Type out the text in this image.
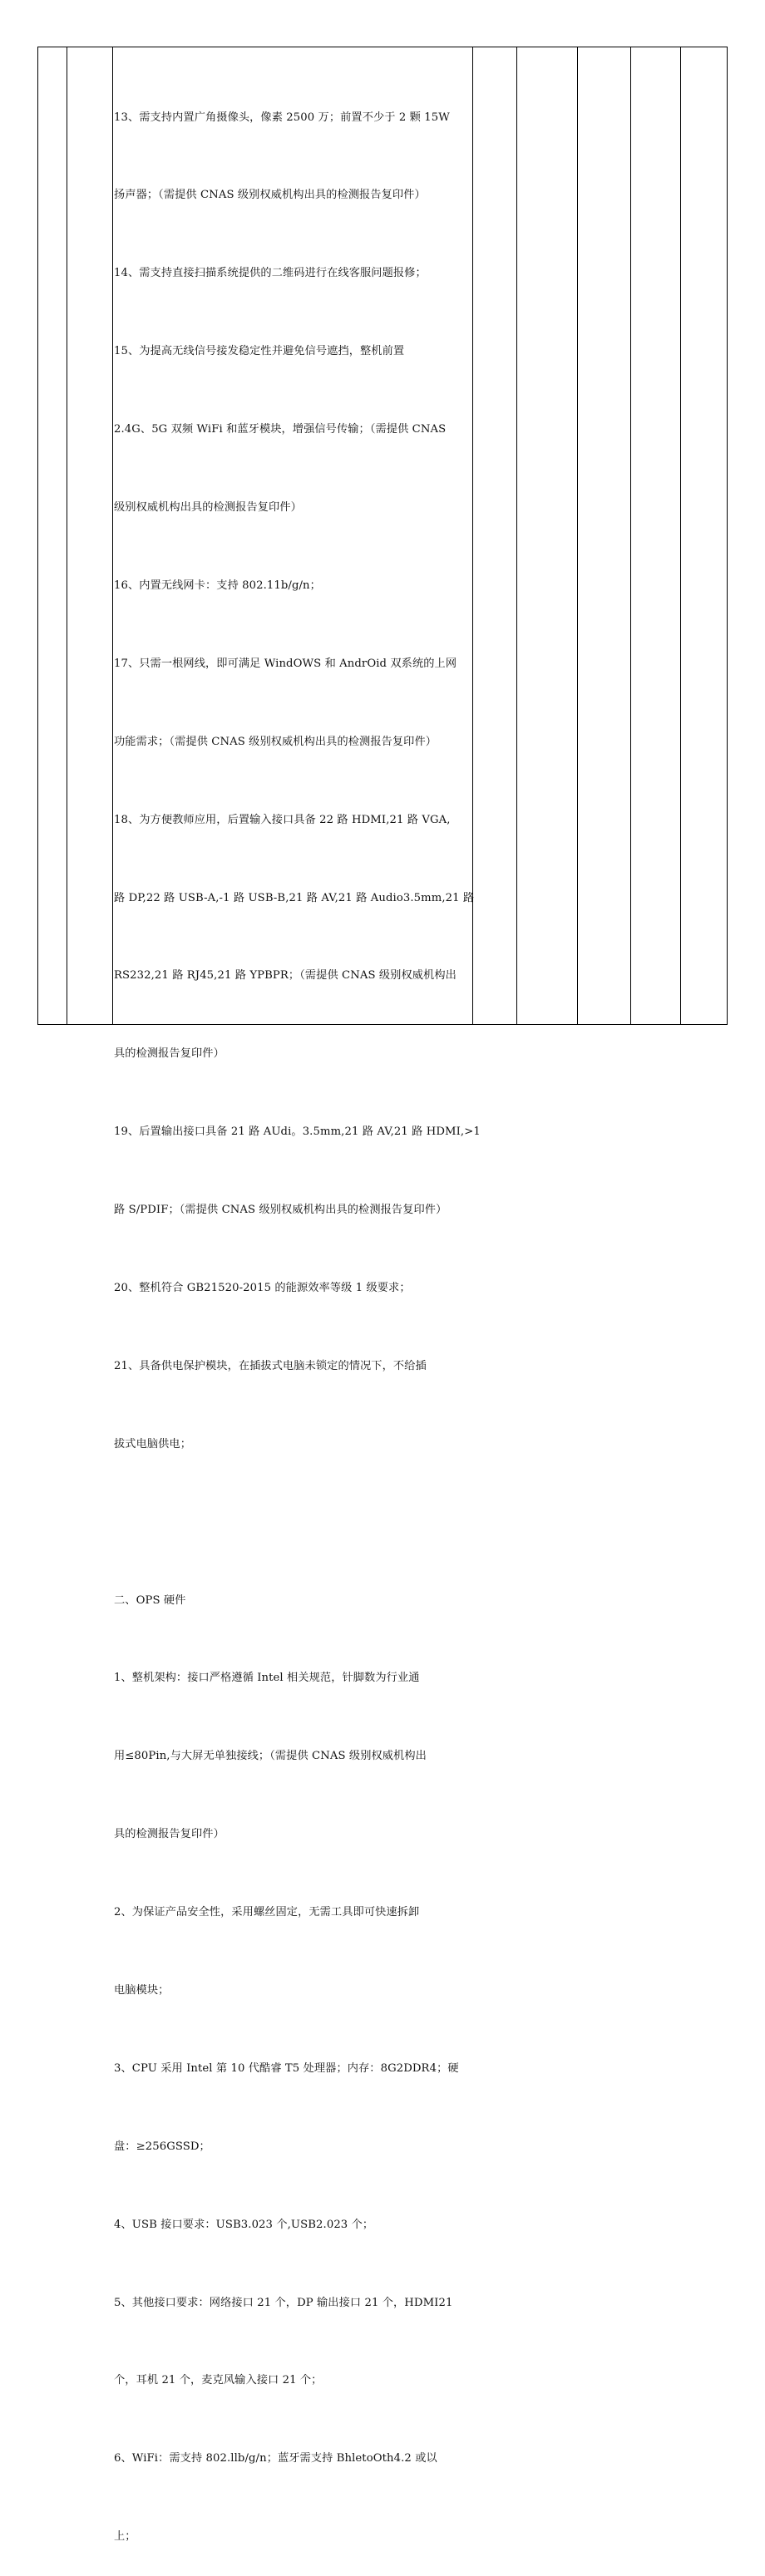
13、需支持内置广角摄像头，像素 2500 万；前置不少于 2 颗 15W

扬声器；（需提供 CNAS 级别权威机构出具的检测报告复印件）

14、需支持直接扫描系统提供的二维码进行在线客服问题报修；

15、为提高无线信号接发稳定性并避免信号遮挡，整机前置

2.4G、5G 双频 WiFi 和蓝牙模块，增强信号传输；（需提供 CNAS

级别权威机构出具的检测报告复印件）

16、内置无线网卡：支持 802.11b/g/n；

17、只需一根网线，即可满足 WindOWS 和 AndrOid 双系统的上网

功能需求；（需提供 CNAS 级别权威机构出具的检测报告复印件）

18、为方便教师应用，后置输入接口具备 22 路 HDMI,21 路 VGA,

路 DP,22 路 USB-A,-1 路 USB-B,21 路 AV,21 路 Audio3.5mm,21 路

RS232,21 路 RJ45,21 路 YPBPR；（需提供 CNAS 级别权威机构出

具的检测报告复印件）

19、后置输出接口具备 21 路 AUdi。3.5mm,21 路 AV,21 路 HDMI,>1

路 S/PDIF；（需提供 CNAS 级别权威机构出具的检测报告复印件）

20、整机符合 GB21520-2015 的能源效率等级 1 级要求；

21、具备供电保护模块，在插拔式电脑未锁定的情况下，不给插

拔式电脑供电；

二、OPS 硬件

1、整机架构：接口严格遵循 Intel 相关规范，针脚数为行业通

用≤80Pin,与大屏无单独接线；（需提供 CNAS 级别权威机构出

具的检测报告复印件）

2、为保证产品安全性，采用螺丝固定，无需工具即可快速拆卸

电脑模块；

3、CPU 采用 Intel 第 10 代酷睿 T5 处理器；内存：8G2DDR4；硬

盘：≥256GSSD；

4、USB 接口要求：USB3.023 个,USB2.023 个；

5、其他接口要求：网络接口 21 个，DP 输出接口 21 个，HDMI21

个，耳机 21 个，麦克风输入接口 21 个；

6、WiFi：需支持 802.llb/g/n；蓝牙需支持 BhletoOth4.2 或以

上；
